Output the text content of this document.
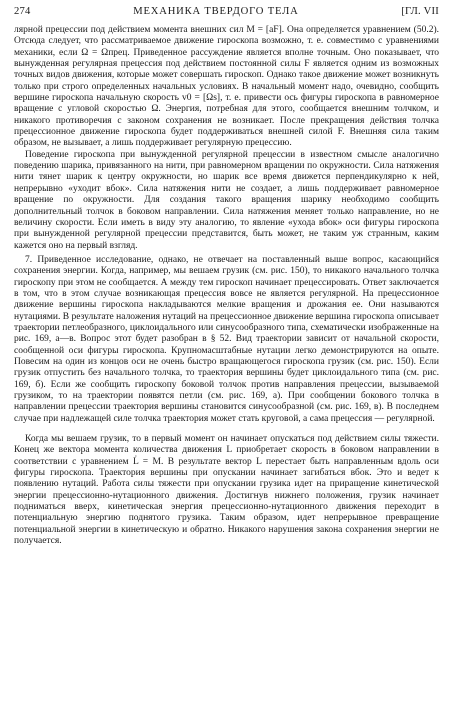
274	МЕХАНИКА ТВЕРДОГО ТЕЛА	[ГЛ. VII

лярной прецессии под действием момента внешних сил M = [aF]. Она определяется уравнением (50.2). Отсюда следует, что рассматриваемое движение гироскопа возможно, т. е. совместимо с уравнениями механики, если Ω = Ωпрец. Приведенное рассуждение является вполне точным. Оно показывает, что вынужденная регулярная прецессия под действием постоянной силы F является одним из возможных точных видов движения, которые может совершать гироскоп. Однако такое движение может возникнуть только при строго определенных начальных условиях. В начальный момент надо, очевидно, сообщить вершине гироскопа начальную скорость v0 = [Ωs], т. е. привести ось фигуры гироскопа в равномерное вращение с угловой скоростью Ω. Энергия, потребная для этого, сообщается внешним толчком, и никакого противоречия с законом сохранения не возникает. После прекращения действия толчка прецессионное движение гироскопа будет поддерживаться внешней силой F. Внешняя сила таким образом, не вызывает, а лишь поддерживает регулярную прецессию.

Поведение гироскопа при вынужденной регулярной прецессии в известном смысле аналогично поведению шарика, привязанного на нити, при равномерном вращении по окружности. Сила натяжения нити тянет шарик к центру окружности, но шарик все время движется перпендикулярно к ней, непрерывно «уходит вбок». Сила натяжения нити не создает, а лишь поддерживает равномерное вращение по окружности. Для создания такого вращения шарику необходимо сообщить дополнительный толчок в боковом направлении. Сила натяжения меняет только направление, но не величину скорости. Если иметь в виду эту аналогию, то явление «ухода вбок» оси фигуры гироскопа при вынужденной регулярной прецессии представится, быть может, не таким уж странным, каким кажется оно на первый взгляд.

7. Приведенное исследование, однако, не отвечает на поставленный выше вопрос, касающийся сохранения энергии. Когда, например, мы вешаем грузик (см. рис. 150), то никакого начального толчка гироскопу при этом не сообщается. А между тем гироскоп начинает прецессировать. Ответ заключается в том, что в этом случае возникающая прецессия вовсе не является регулярной. На прецессионное движение вершины гироскопа накладываются мелкие вращения и дрожания ее. Они называются нутациями. В результате наложения нутаций на прецессионное движение вершина гироскопа описывает траектории петлеобразного, циклоидального или синусообразного типа, схематически изображенные на рис. 169, а—в. Вопрос этот будет разобран в § 52. Вид траектории зависит от начальной скорости, сообщенной оси фигуры гироскопа. Крупномасштабные нутации легко демонстрируются на опыте. Повесим на один из концов оси не очень быстро вращающегося гироскопа грузик (см. рис. 150). Если грузик отпустить без начального толчка, то траектория вершины будет циклоидального типа (см. рис. 169, б). Если же сообщить гироскопу боковой толчок против направления прецессии, вызываемой грузиком, то на траектории появятся петли (см. рис. 169, а). При сообщении бокового толчка в направлении прецессии траектория вершины становится синусообразной (см. рис. 169, в). В последнем случае при надлежащей силе толчка траектория может стать круговой, а сама прецессия — регулярной.

Когда мы вешаем грузик, то в первый момент он начинает опускаться под действием силы тяжести. Конец же вектора момента количества движения L приобретает скорость в боковом направлении в соответствии с уравнением L̇ = M. В результате вектор L перестает быть направленным вдоль оси фигуры гироскопа. Траектория вершины при опускании начинает загибаться вбок. Это и ведет к появлению нутаций. Работа силы тяжести при опускании грузика идет на приращение кинетической энергии прецессионно-нутационного движения. Достигнув нижнего положения, грузик начинает подниматься вверх, кинетическая энергия прецессионно-нутационного движения переходит в потенциальную энергию поднятого грузика. Таким образом, идет непрерывное превращение потенциальной энергии в кинетическую и обратно. Никакого нарушения закона сохранения энергии не получается.
